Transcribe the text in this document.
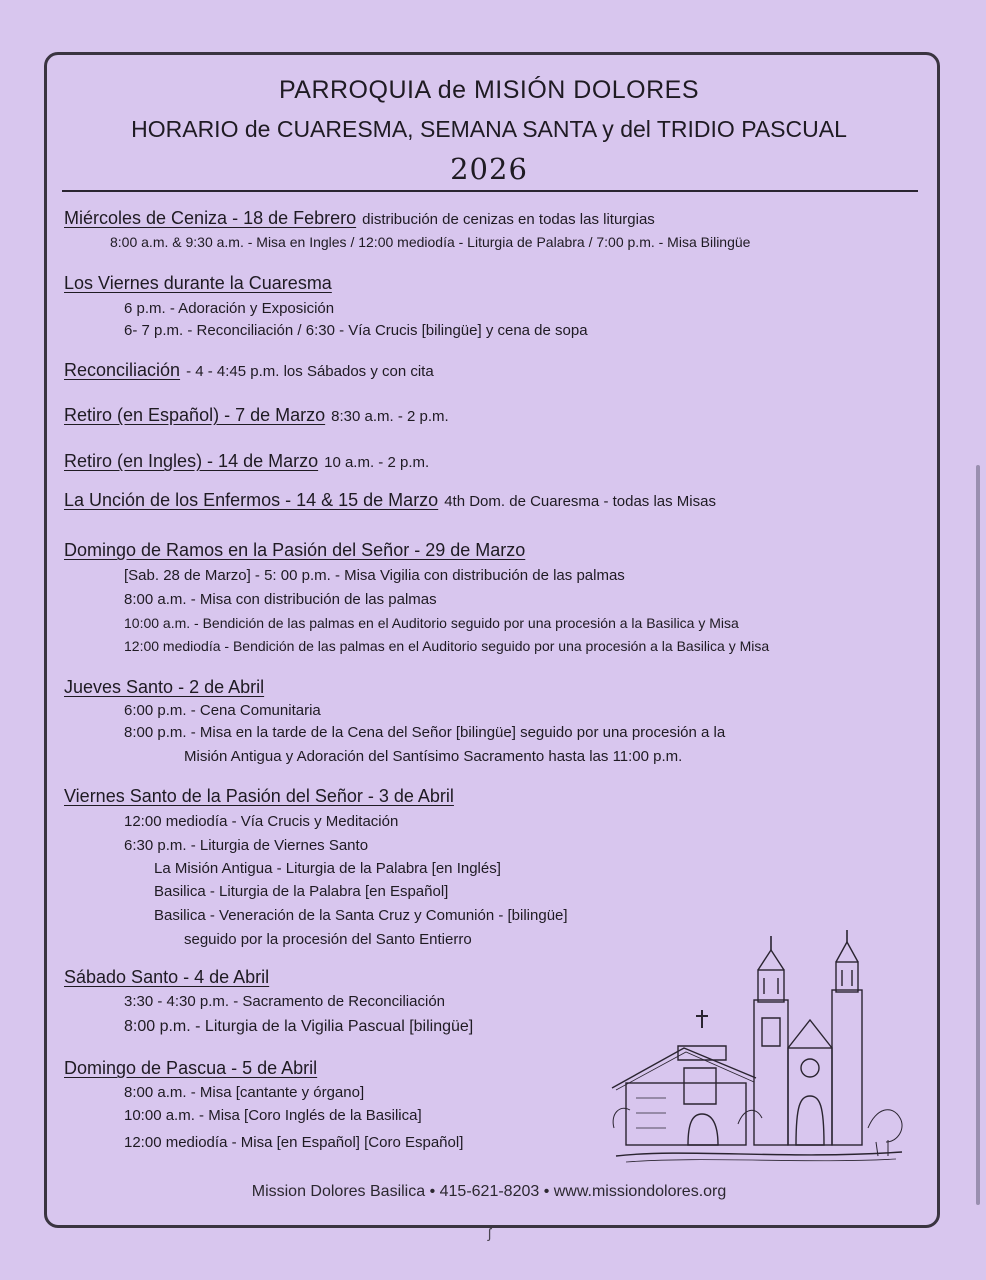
PARROQUIA de MISIÓN DOLORES
HORARIO de CUARESMA, SEMANA SANTA y del TRIDIO PASCUAL
2026

Miércoles de Ceniza - 18 de Febrero distribución de cenizas en todas las liturgias

8:00 a.m. & 9:30 a.m. - Misa en Ingles / 12:00 mediodía - Liturgia de Palabra / 7:00 p.m. - Misa Bilingüe

Los Viernes durante la Cuaresma

6 p.m. - Adoración y Exposición

6- 7 p.m. - Reconciliación / 6:30 - Vía Crucis [bilingüe] y cena de sopa

Reconciliación - 4 - 4:45 p.m. los Sábados y con cita

Retiro (en Español) - 7 de Marzo 8:30 a.m. - 2 p.m.

Retiro (en Ingles) - 14 de Marzo 10 a.m. - 2 p.m.

La Unción de los Enfermos - 14 & 15 de Marzo 4th Dom. de Cuaresma - todas las Misas

Domingo de Ramos en la Pasión del Señor - 29 de Marzo

[Sab. 28 de Marzo] - 5: 00 p.m. - Misa Vigilia con distribución de las palmas

8:00 a.m. - Misa con distribución de las palmas

10:00 a.m. - Bendición de las palmas en el Auditorio seguido por una procesión a la Basilica y Misa

12:00 mediodía - Bendición de las palmas en el Auditorio seguido por una procesión a la Basilica y Misa

Jueves Santo - 2 de Abril

6:00 p.m. - Cena Comunitaria

8:00 p.m. - Misa en la tarde de la Cena del Señor [bilingüe] seguido por una procesión a la

Misión Antigua y Adoración del Santísimo Sacramento hasta las 11:00 p.m.

Viernes Santo de la Pasión del Señor - 3 de Abril

12:00 mediodía - Vía Crucis y Meditación

6:30 p.m. - Liturgia de Viernes Santo

La Misión Antigua - Liturgia de la Palabra [en Inglés]

Basilica - Liturgia de la Palabra [en Español]

Basilica - Veneración de la Santa Cruz y Comunión - [bilingüe]

seguido por la procesión del Santo Entierro

Sábado Santo - 4 de Abril

3:30 - 4:30 p.m. - Sacramento de Reconciliación

8:00 p.m. - Liturgia de la Vigilia Pascual [bilingüe]

Domingo de Pascua - 5 de Abril

8:00 a.m. - Misa [cantante y órgano]

10:00 a.m. - Misa [Coro Inglés de la Basilica]

12:00 mediodía - Misa [en Español] [Coro Español]

Mission Dolores Basilica • 415-621-8203 • www.missiondolores.org

ʃ
